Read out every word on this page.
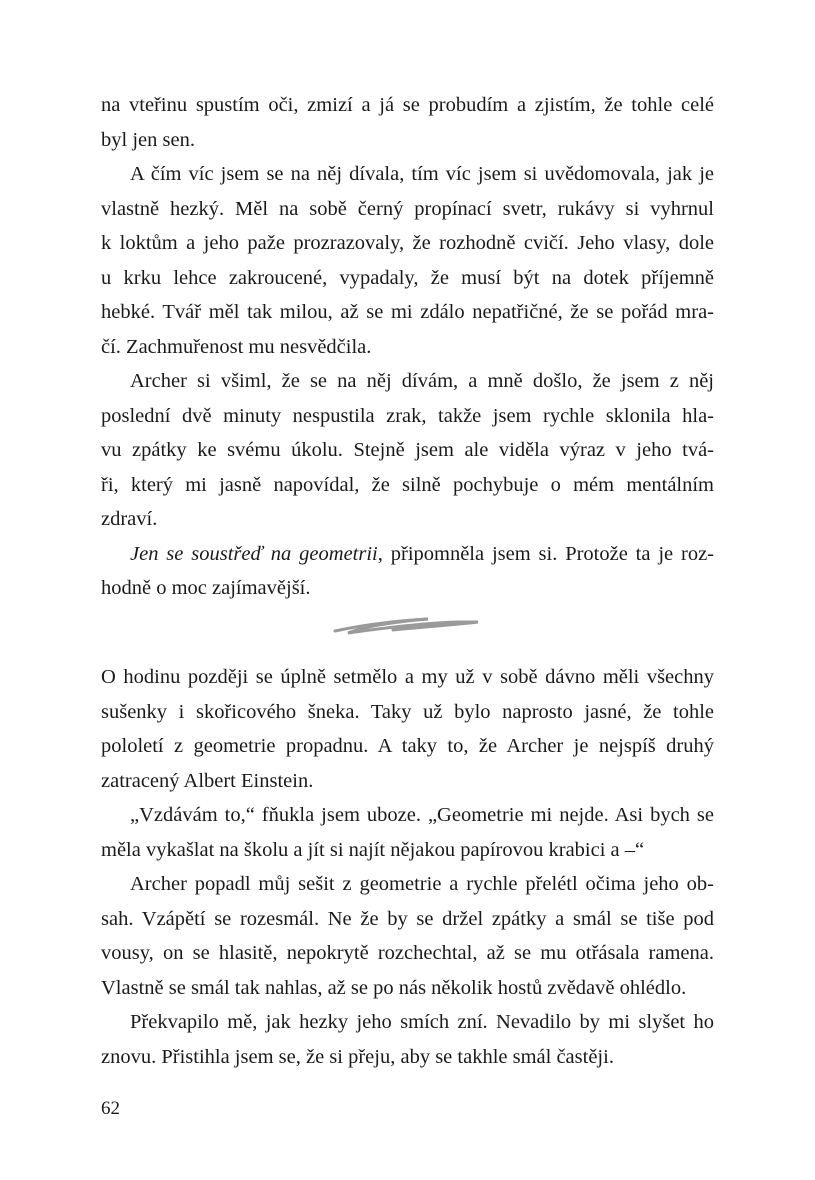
na vteřinu spustím oči, zmizí a já se probudím a zjistím, že tohle celé
byl jen sen.
A čím víc jsem se na něj dívala, tím víc jsem si uvědomovala, jak je
vlastně hezký. Měl na sobě černý propínací svetr, rukávy si vyhrnul
k loktům a jeho paže prozrazovaly, že rozhodně cvičí. Jeho vlasy, dole
u krku lehce zakroucené, vypadaly, že musí být na dotek příjemně
hebké. Tvář měl tak milou, až se mi zdálo nepatřičné, že se pořád mra-
čí. Zachmuřenost mu nesvědčila.
Archer si všiml, že se na něj dívám, a mně došlo, že jsem z něj
poslední dvě minuty nespustila zrak, takže jsem rychle sklonila hla-
vu zpátky ke svému úkolu. Stejně jsem ale viděla výraz v jeho tvá-
ři, který mi jasně napovídal, že silně pochybuje o mém mentálním
zdraví.
Jen se soustřeď na geometrii, připomněla jsem si. Protože ta je roz-
hodně o moc zajímavější.
O hodinu později se úplně setmělo a my už v sobě dávno měli všechny
sušenky i skořicového šneka. Taky už bylo naprosto jasné, že tohle
pololetí z geometrie propadnu. A taky to, že Archer je nejspíš druhý
zatracený Albert Einstein.
„Vzdávám to,“ fňukla jsem uboze. „Geometrie mi nejde. Asi bych se
měla vykašlat na školu a jít si najít nějakou papírovou krabici a –“
Archer popadl můj sešit z geometrie a rychle přelétl očima jeho ob-
sah. Vzápětí se rozesmál. Ne že by se držel zpátky a smál se tiše pod
vousy, on se hlasitě, nepokrytě rozchechtal, až se mu otřásala ramena.
Vlastně se smál tak nahlas, až se po nás několik hostů zvědavě ohlédlo.
Překvapilo mě, jak hezky jeho smích zní. Nevadilo by mi slyšet ho
znovu. Přistihla jsem se, že si přeju, aby se takhle smál častěji.
62
